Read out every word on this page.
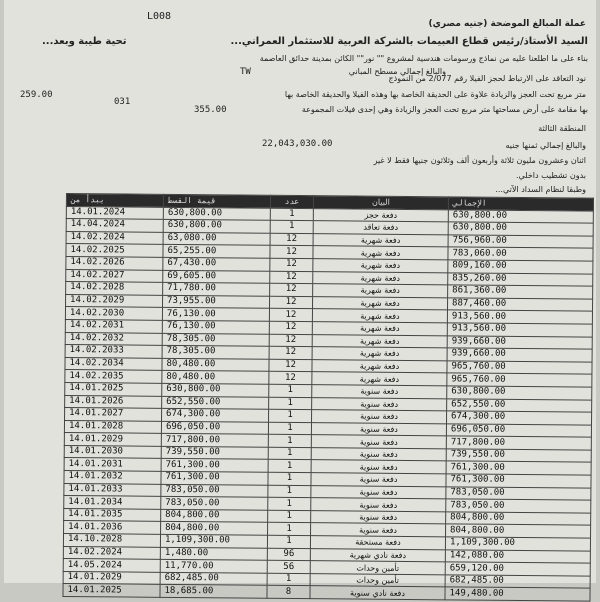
L008
عملة المبالغ الموضحة (جنيه مصري)
السيد الأستاذ/رئيس قطاع العبيمات بالشركة العربية للاستثمار العمراني...
تحية طيبة وبعد...
بناء على ما اطلعنا عليه من نماذج ورسومات هندسية لمشروع "" نور"" الكائن بمدينة حدائق العاصمة
نود التعاقد على الارتباط لحجز الفيلا رقم 2/077 من النموذج
TW	والبالغ إجمالي مسطح المباني
259.00	متر مربع تحت العجز والزيادة علاوة على الحديقة الخاصة بها وهذه الفيلا والحديقة الخاصة بها
031
355.00	بها مقامة على أرض مساحتها متر مربع تحت العجز والزيادة وهي إحدى فيلات المجموعة
المنطقة الثالثة
22,043,030.00	والبالغ إجمالي ثمنها جنيه
اثنان وعشرون مليون ثلاثة وأربعون ألف وثلاثون جنيها فقط لا غير
بدون تشطيب داخلي.
وطبقا لنظام السداد الآتي...
يبدأ من	قيمة القسط	عدد	البيان	الإجمالي
14.01.2024	630,800.00	1	دفعة حجز	630,800.00
14.04.2024	630,800.00	1	دفعة تعاقد	630,800.00
14.02.2024	63,080.00	12	دفعة شهرية	756,960.00
14.02.2025	65,255.00	12	دفعة شهرية	783,060.00
14.02.2026	67,430.00	12	دفعة شهرية	809,160.00
14.02.2027	69,605.00	12	دفعة شهرية	835,260.00
14.02.2028	71,780.00	12	دفعة شهرية	861,360.00
14.02.2029	73,955.00	12	دفعة شهرية	887,460.00
14.02.2030	76,130.00	12	دفعة شهرية	913,560.00
14.02.2031	76,130.00	12	دفعة شهرية	913,560.00
14.02.2032	78,305.00	12	دفعة شهرية	939,660.00
14.02.2033	78,305.00	12	دفعة شهرية	939,660.00
14.02.2034	80,480.00	12	دفعة شهرية	965,760.00
14.02.2035	80,480.00	12	دفعة شهرية	965,760.00
14.01.2025	630,800.00	1	دفعة سنوية	630,800.00
14.01.2026	652,550.00	1	دفعة سنوية	652,550.00
14.01.2027	674,300.00	1	دفعة سنوية	674,300.00
14.01.2028	696,050.00	1	دفعة سنوية	696,050.00
14.01.2029	717,800.00	1	دفعة سنوية	717,800.00
14.01.2030	739,550.00	1	دفعة سنوية	739,550.00
14.01.2031	761,300.00	1	دفعة سنوية	761,300.00
14.01.2032	761,300.00	1	دفعة سنوية	761,300.00
14.01.2033	783,050.00	1	دفعة سنوية	783,050.00
14.01.2034	783,050.00	1	دفعة سنوية	783,050.00
14.01.2035	804,800.00	1	دفعة سنوية	804,800.00
14.01.2036	804,800.00	1	دفعة سنوية	804,800.00
14.10.2028	1,109,300.00	1	دفعة مستحقة	1,109,300.00
14.02.2024	1,480.00	96	دفعة نادي شهرية	142,080.00
14.05.2024	11,770.00	56	تأمين وحدات	659,120.00
14.01.2029	682,485.00	1	تأمين وحدات	682,485.00
14.01.2025	18,685.00	8	دفعة نادي سنوية	149,480.00
